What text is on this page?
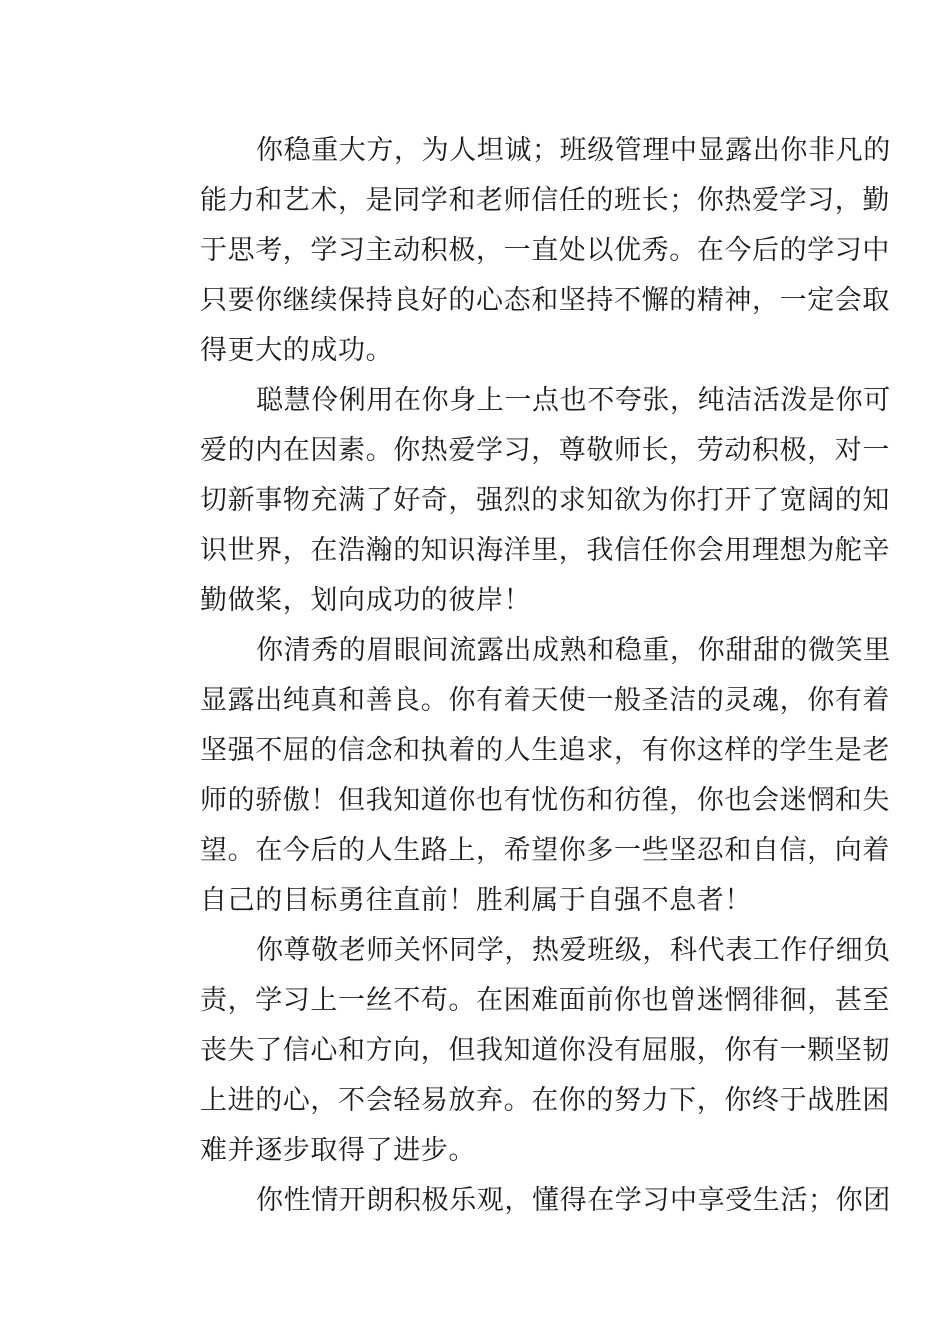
你稳重大方，为人坦诚；班级管理中显露出你非凡的
能力和艺术，是同学和老师信任的班长；你热爱学习，勤
于思考，学习主动积极，一直处以优秀。在今后的学习中
只要你继续保持良好的心态和坚持不懈的精神，一定会取
得更大的成功。
聪慧伶俐用在你身上一点也不夸张，纯洁活泼是你可
爱的内在因素。你热爱学习，尊敬师长，劳动积极，对一
切新事物充满了好奇，强烈的求知欲为你打开了宽阔的知
识世界，在浩瀚的知识海洋里，我信任你会用理想为舵辛
勤做桨，划向成功的彼岸！
你清秀的眉眼间流露出成熟和稳重，你甜甜的微笑里
显露出纯真和善良。你有着天使一般圣洁的灵魂，你有着
坚强不屈的信念和执着的人生追求，有你这样的学生是老
师的骄傲！但我知道你也有忧伤和彷徨，你也会迷惘和失
望。在今后的人生路上，希望你多一些坚忍和自信，向着
自己的目标勇往直前！胜利属于自强不息者！
你尊敬老师关怀同学，热爱班级，科代表工作仔细负
责，学习上一丝不苟。在困难面前你也曾迷惘徘徊，甚至
丧失了信心和方向，但我知道你没有屈服，你有一颗坚韧
上进的心，不会轻易放弃。在你的努力下，你终于战胜困
难并逐步取得了进步。
你性情开朗积极乐观，懂得在学习中享受生活；你团
